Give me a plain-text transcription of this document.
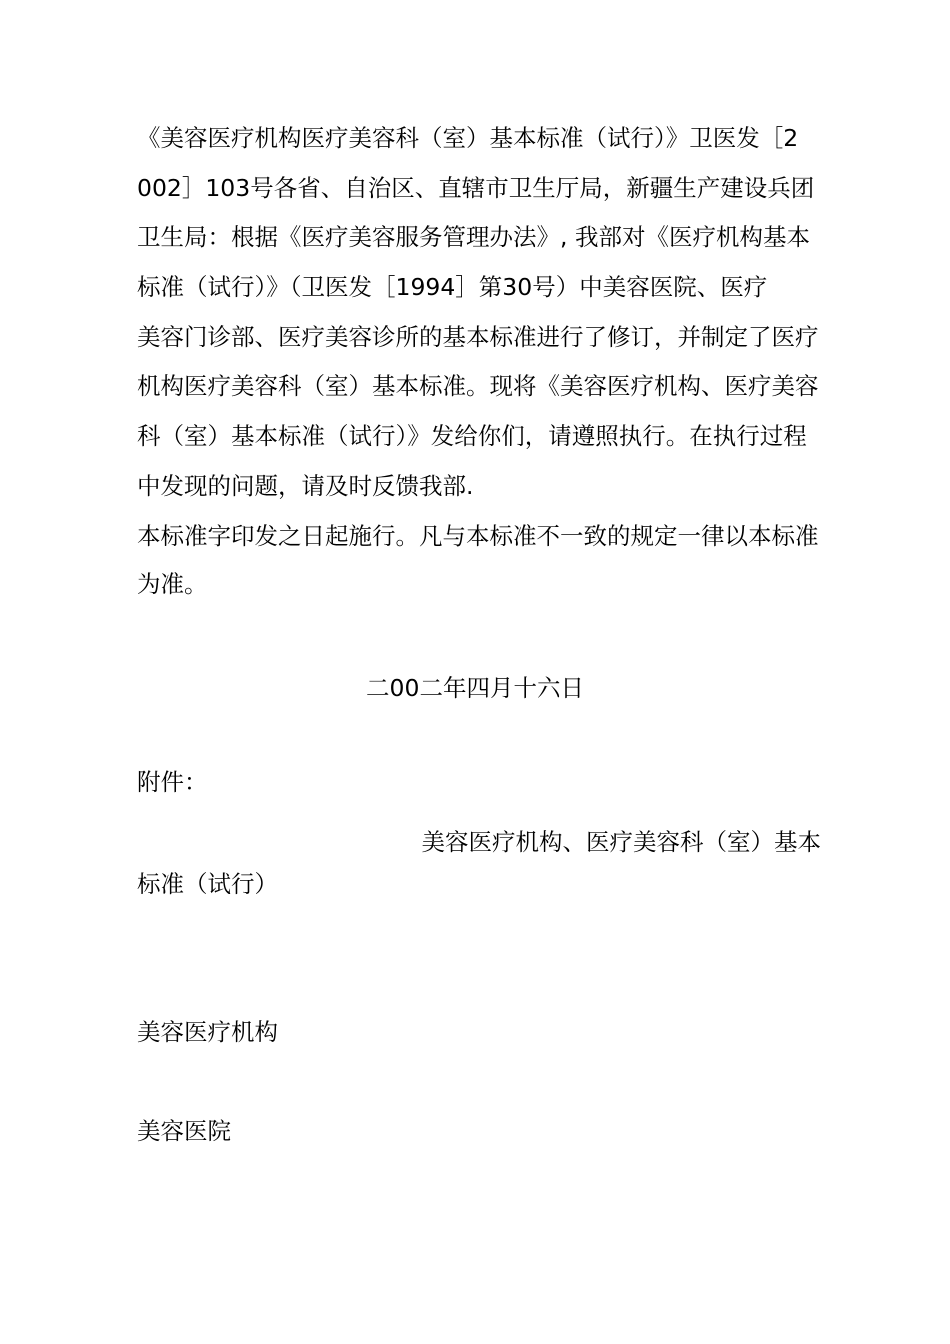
《美容医疗机构医疗美容科（室）基本标准（试行）》卫医发［2
002］103号各省、自治区、直辖市卫生厅局，新疆生产建设兵团
卫生局：根据《医疗美容服务管理办法》, 我部对《医疗机构基本
标准（试行）》（卫医发［1994］第30号）中美容医院、医疗
美容门诊部、医疗美容诊所的基本标准进行了修订，并制定了医疗
机构医疗美容科（室）基本标准。现将《美容医疗机构、医疗美容
科（室）基本标准（试行）》发给你们，请遵照执行。在执行过程
中发现的问题，请及时反馈我部.
本标准字印发之日起施行。凡与本标准不一致的规定一律以本标准
为准。
二00二年四月十六日
附件：
美容医疗机构、医疗美容科（室）基本
标准（试行）
美容医疗机构
美容医院
